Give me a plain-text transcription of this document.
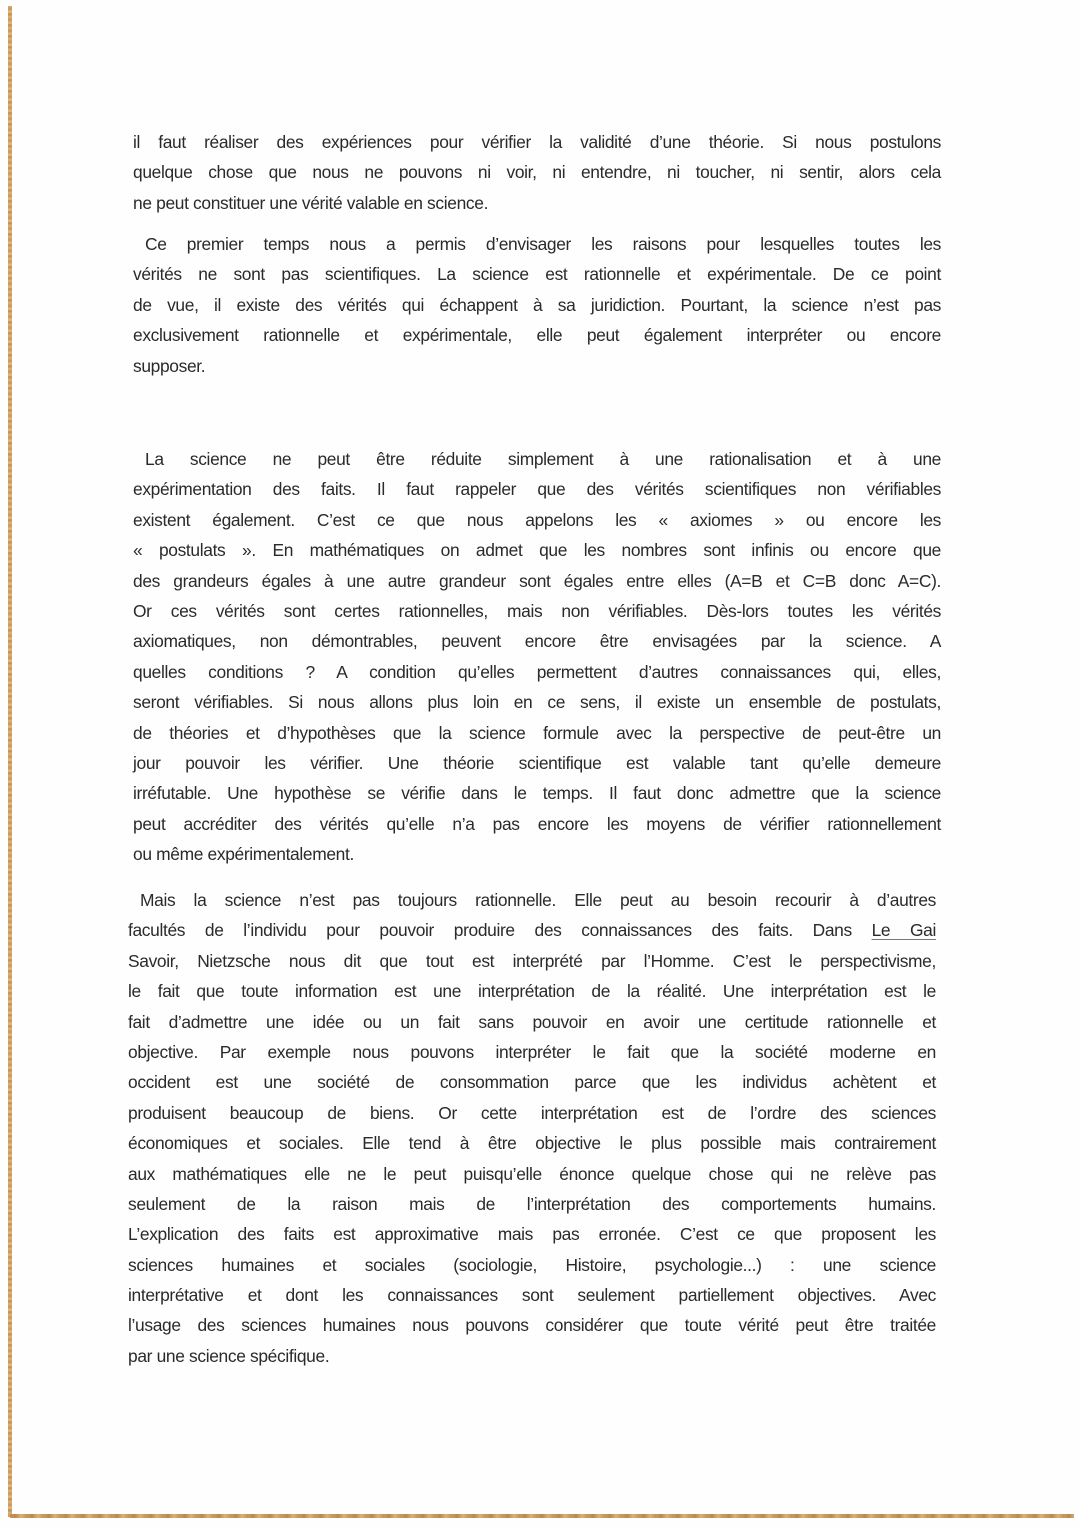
il faut réaliser des expériences pour vérifier la validité d’une théorie. Si nous postulons
quelque chose que nous ne pouvons ni voir, ni entendre, ni toucher, ni sentir, alors cela
ne peut constituer une vérité valable en science.
Ce premier temps nous a permis d’envisager les raisons pour lesquelles toutes les
vérités ne sont pas scientifiques. La science est rationnelle et expérimentale. De ce point
de vue, il existe des vérités qui échappent à sa juridiction. Pourtant, la science n’est pas
exclusivement rationnelle et expérimentale, elle peut également interpréter ou encore
supposer.
La science ne peut être réduite simplement à une rationalisation et à une
expérimentation des faits. Il faut rappeler que des vérités scientifiques non vérifiables
existent également. C’est ce que nous appelons les « axiomes » ou encore les
« postulats ». En mathématiques on admet que les nombres sont infinis ou encore que
des grandeurs égales à une autre grandeur sont égales entre elles (A=B et C=B donc A=C).
Or ces vérités sont certes rationnelles, mais non vérifiables. Dès-lors toutes les vérités
axiomatiques, non démontrables, peuvent encore être envisagées par la science. A
quelles conditions ? A condition qu’elles permettent d’autres connaissances qui, elles,
seront vérifiables. Si nous allons plus loin en ce sens, il existe un ensemble de postulats,
de théories et d’hypothèses que la science formule avec la perspective de peut-être un
jour pouvoir les vérifier. Une théorie scientifique est valable tant qu’elle demeure
irréfutable. Une hypothèse se vérifie dans le temps. Il faut donc admettre que la science
peut accréditer des vérités qu’elle n’a pas encore les moyens de vérifier rationnellement
ou même expérimentalement.
Mais la science n’est pas toujours rationnelle. Elle peut au besoin recourir à d’autres
facultés de l’individu pour pouvoir produire des connaissances des faits. Dans Le Gai
Savoir, Nietzsche nous dit que tout est interprété par l’Homme. C’est le perspectivisme,
le fait que toute information est une interprétation de la réalité. Une interprétation est le
fait d’admettre une idée ou un fait sans pouvoir en avoir une certitude rationnelle et
objective. Par exemple nous pouvons interpréter le fait que la société moderne en
occident est une société de consommation parce que les individus achètent et
produisent beaucoup de biens. Or cette interprétation est de l’ordre des sciences
économiques et sociales. Elle tend à être objective le plus possible mais contrairement
aux mathématiques elle ne le peut puisqu’elle énonce quelque chose qui ne relève pas
seulement de la raison mais de l’interprétation des comportements humains.
L’explication des faits est approximative mais pas erronée. C’est ce que proposent les
sciences humaines et sociales (sociologie, Histoire, psychologie...) : une science
interprétative et dont les connaissances sont seulement partiellement objectives. Avec
l’usage des sciences humaines nous pouvons considérer que toute vérité peut être traitée
par une science spécifique.
